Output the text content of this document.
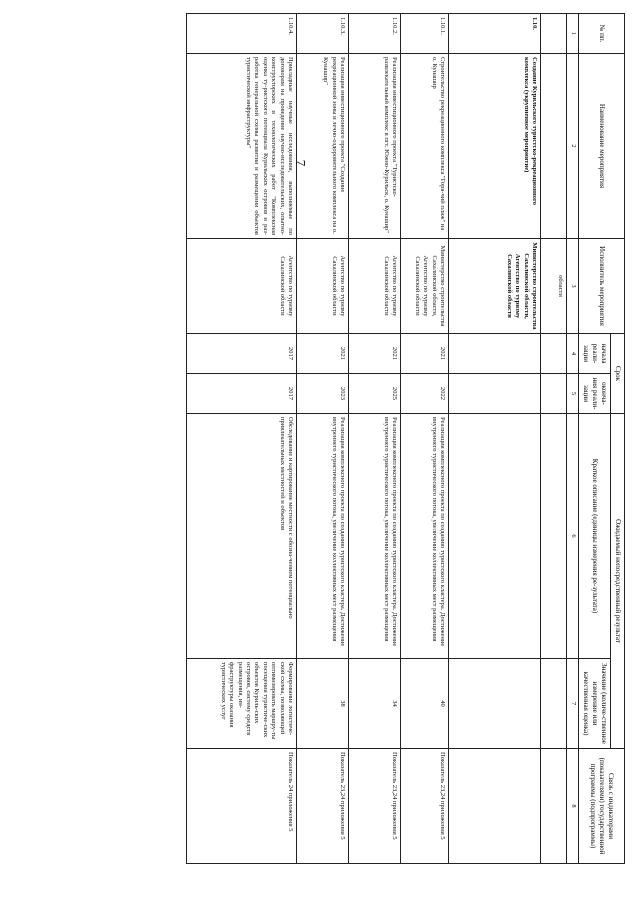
7
№ пп.	Наименование мероприятия	Исполнитель мероприятия	Срок		Ожидаемый непосредственный результат		Связь с индикаторами (показателями) государственной программы (подпрограммы)
			начала реали-зации	оконча-ния реали-зации	Краткое описание (единицы измерения ре-зультата)	Значение (количе-ственное измерение или качественная оценка)	
1	2	3	4	5	6	7	8
		области					
1.10.	Создание Курильского туристско-рекреационного комплекса (укрупненное мероприятие)	Министерство строительства Сахалинской области, Агентство по туризму Сахалинской области					
1.10.1.	Строительство рекреационного комплекса "Горя-чий пляж" на о. Кунашир	Министерство строительства Сахалинской области, Агентство по туризму Сахалинской области	2021	2022	Реализация комплексного проекта по созданию туристского кластера. Достижение внутреннего туристического потока, увеличение коллективных мест размещения	40	Показатель 23,24 приложения 5
1.10.2.	Реализация инвестиционного проекта "Туристско-развлекательный комплекс в пгт. Южно-Курильск, о. Кунашир"	Агентство по туризму Сахалинской области	2021	2025	Реализация комплексного проекта по созданию туристского кластера. Достижение внутреннего туристического потока, увеличение коллективных мест размещения	34	Показатель 23,24 приложения 5
1.10.3.	Реализация инвестиционного проекта "Создание рекреационной зоны и лечно-оздоровительного комплекса на о. Кунашир"	Агентство по туризму Сахалинской области	2021	2023	Реализация комплексного проекта по созданию туристского кластера. Достижение внутреннего туристического потока, увеличение коллективных мест размещения	38	Показатель 23,24 приложения 5
1.10.4.	Прикладные научные исследования, выполняемые по договорам на проведение научно-исследовательских, опытно-конструкторских и технологических работ "Комплексная оценка ту-ристского потенциала Курильских островов и раз-работка генеральной схемы развития и размещения объектов туристической инфраструктуры"	Агентство по туризму Сахалинской области	2017	2017	Обследование и картирование местности с обозна-чением потенциально привлекательных местностей и объектов	Формирование логистиче-ской схемы, позволяющей оптимизировать маршру-ты посещения туристиче-ских объектов Куриль-ских островов, систему средств размещения, ин-фраструктуры оказания туристических услуг	Показатель 24 приложения 5
